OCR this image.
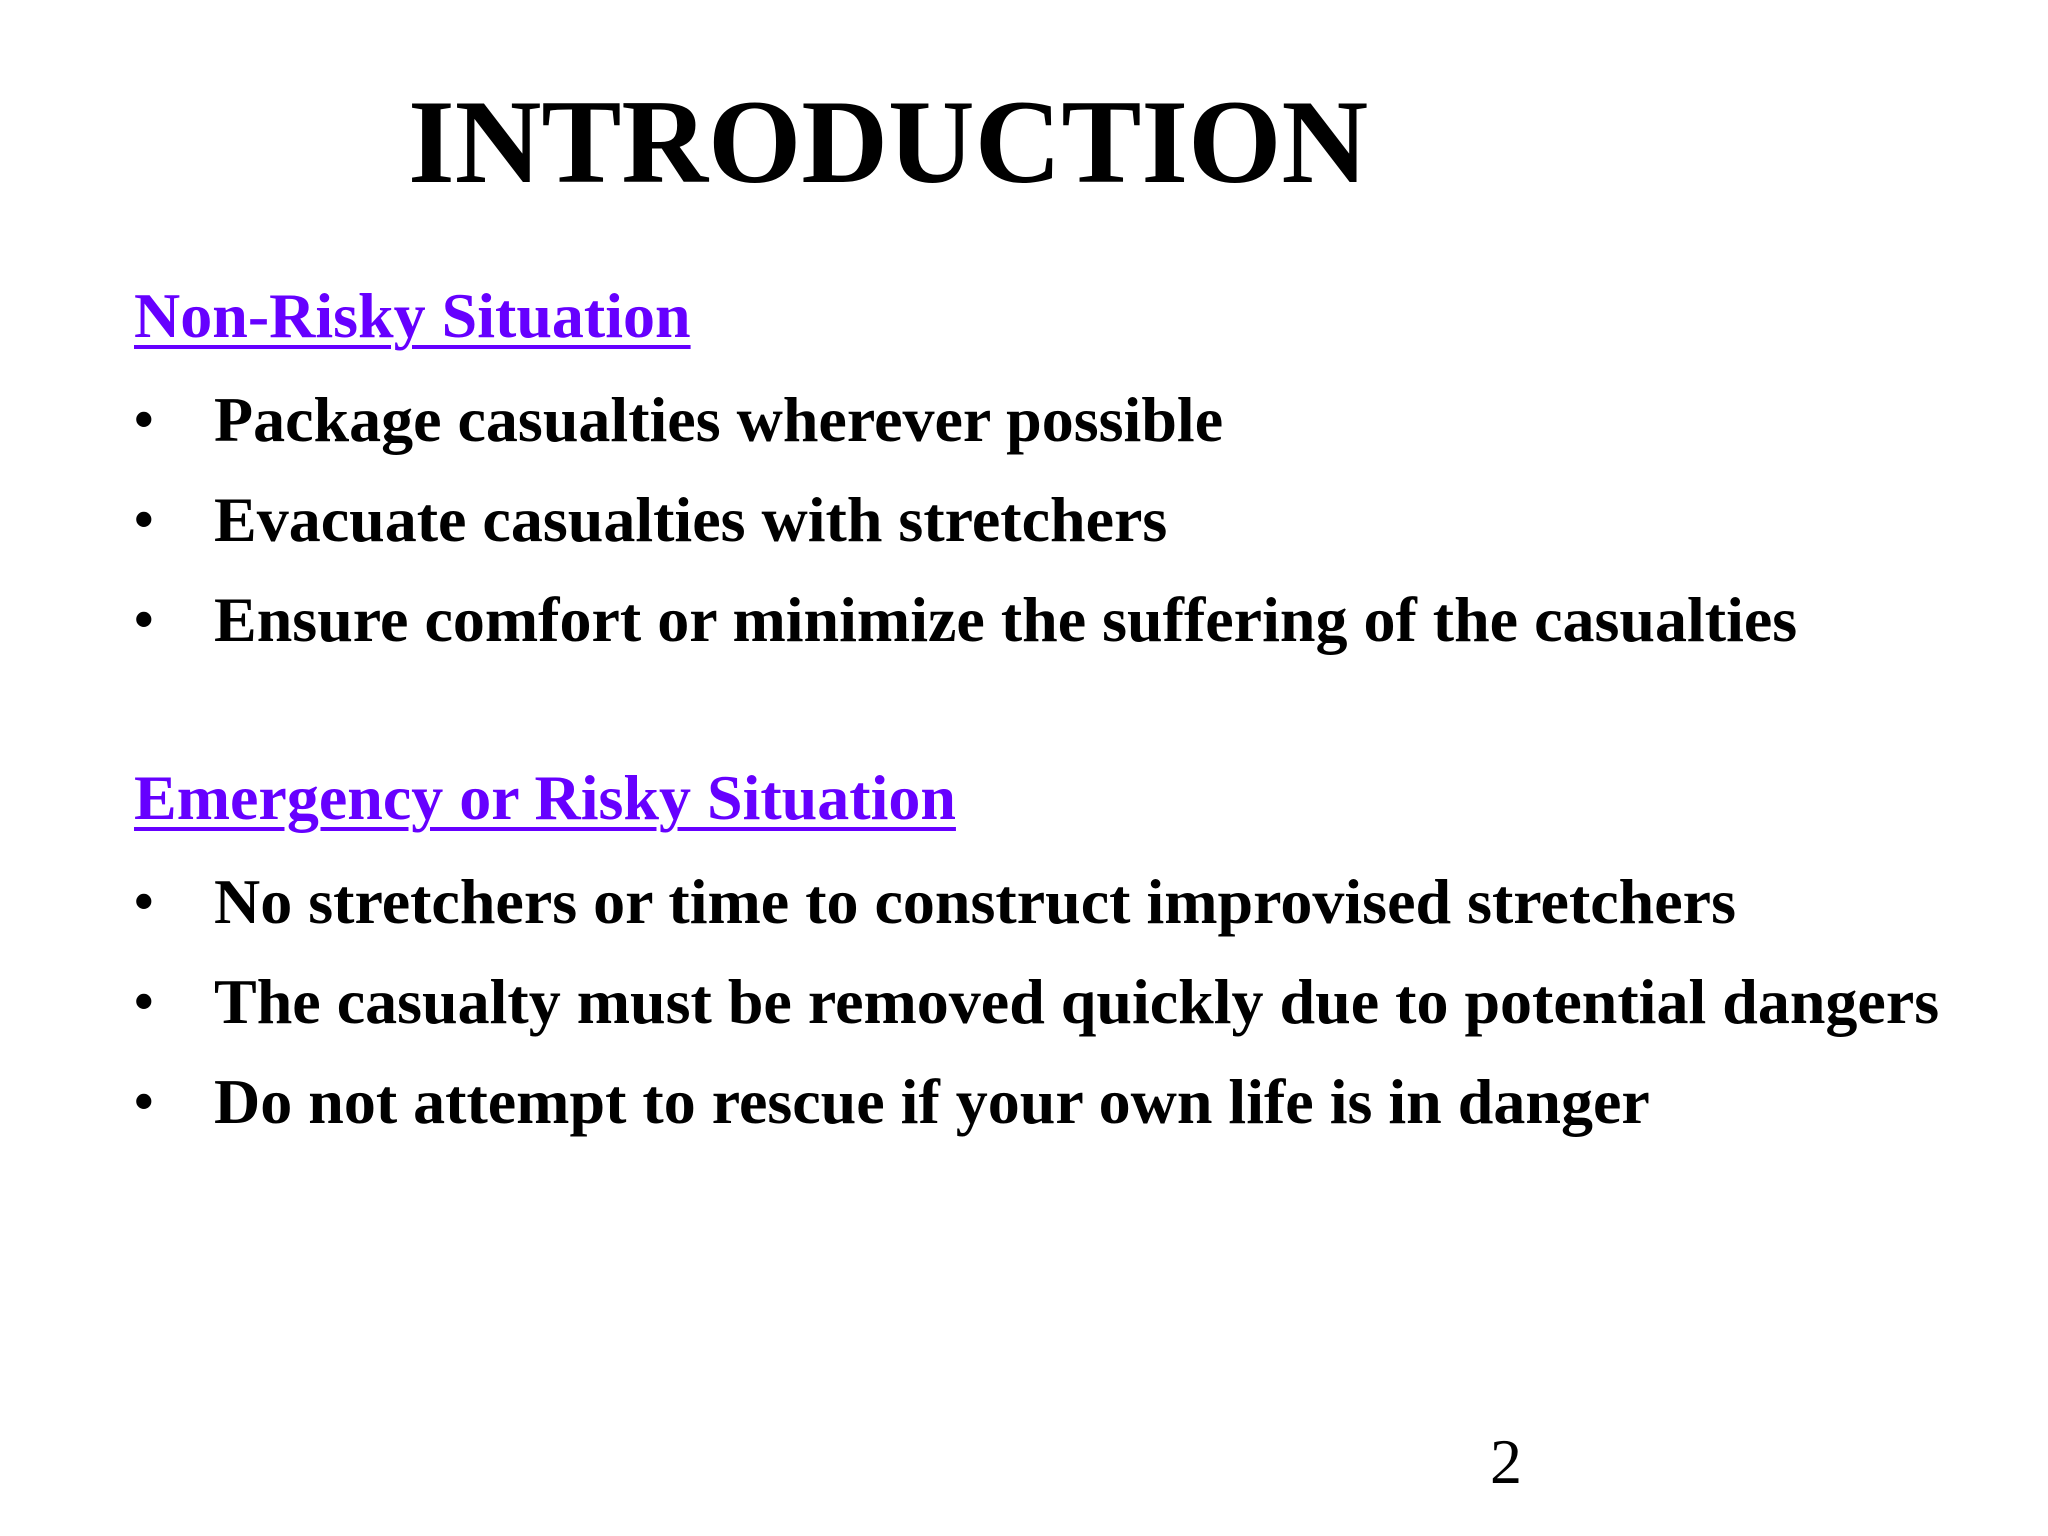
INTRODUCTION
Non-Risky Situation
• Package casualties wherever possible
• Evacuate casualties with stretchers
• Ensure comfort or minimize the suffering of the casualties
Emergency or Risky Situation
• No stretchers or time to construct improvised stretchers
• The casualty must be removed quickly due to potential dangers
• Do not attempt to rescue if your own life is in danger
2
